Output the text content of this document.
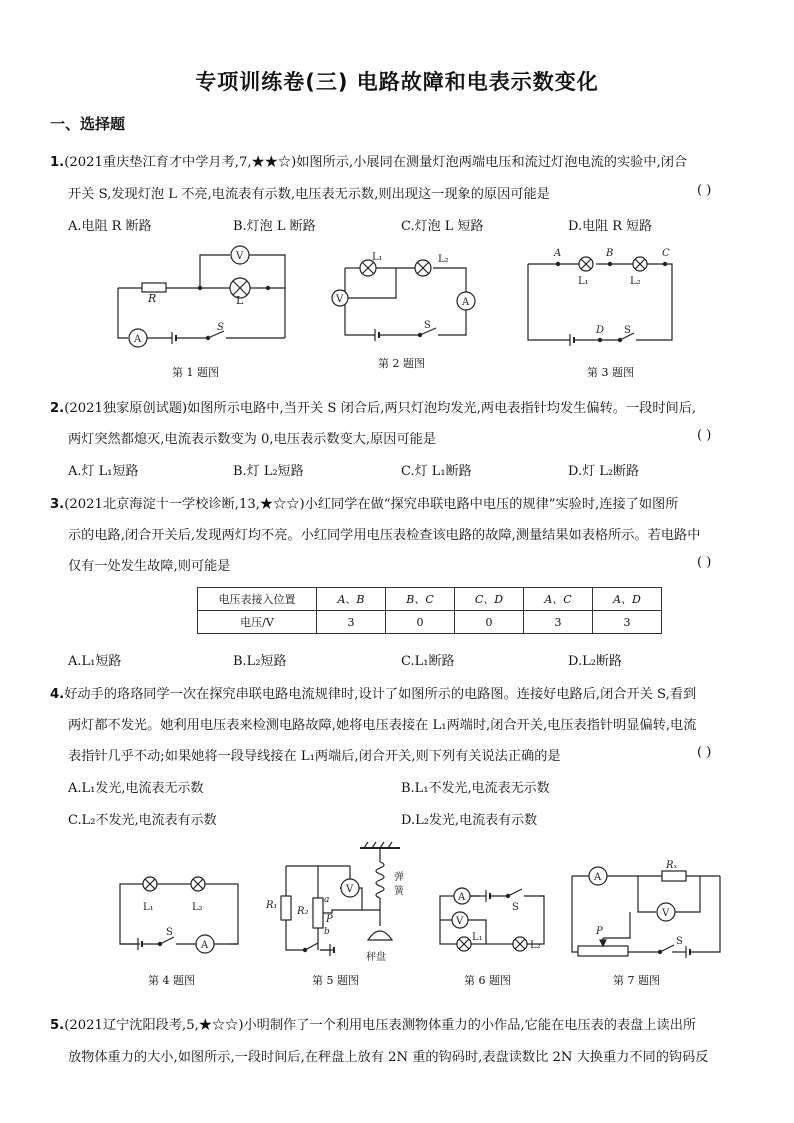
专项训练卷(三) 电路故障和电表示数变化
一、选择题
1.(2021重庆垫江育才中学月考,7,★★☆)如图所示,小展同在测量灯泡两端电压和流过灯泡电流的实验中,闭合
开关 S,发现灯泡 L 不亮,电流表有示数,电压表无示数,则出现这一现象的原因可能是	( )
A.电阻 R 断路	B.灯泡 L 断路	C.灯泡 L 短路	D.电阻 R 短路
A
S
R	L
V
S
A
L₂
L₁
V
D S
L₂
L₁
A	B	C
第 1 题图
第 2 题图
第 3 题图
2.(2021独家原创试题)如图所示电路中,当开关 S 闭合后,两只灯泡均发光,两电表指针均发生偏转。一段时间后,
两灯突然都熄灭,电流表示数变为 0,电压表示数变大,原因可能是	( )
A.灯 L₁短路	B.灯 L₂短路	C.灯 L₁断路	D.灯 L₂断路
3.(2021北京海淀十一学校诊断,13,★☆☆)小红同学在做“探究串联电路中电压的规律”实验时,连接了如图所
示的电路,闭合开关后,发现两灯均不亮。小红同学用电压表检查该电路的故障,测量结果如表格所示。若电路中
仅有一处发生故障,则可能是	( )
电压表接入位置	A、B	B、C	C、D	A、C	A、D
电压/V	3	0	0	3	3
A.L₁短路	B.L₂短路	C.L₁断路	D.L₂断路
4.好动手的珞珞同学一次在探究串联电路电流规律时,设计了如图所示的电路图。连接好电路后,闭合开关 S,看到
两灯都不发光。她利用电压表来检测电路故障,她将电压表接在 L₁两端时,闭合开关,电压表指针明显偏转,电流
表指针几乎不动;如果她将一段导线接在 L₁两端后,闭合开关,则下列有关说法正确的是	( )
A.L₁发光,电流表无示数	B.L₁不发光,电流表无示数
C.L₂不发光,电流表有示数	D.L₂发光,电流表有示数
L₁	L₂
S
A
R₁
R₂
a
b
P
V
弹
簧
秤盘
A
S
V
L₁
L₂
A
Rₓ
S
V
P
第 4 题图	第 5 题图	第 6 题图	第 7 题图
5.(2021辽宁沈阳段考,5,★☆☆)小明制作了一个利用电压表测物体重力的小作品,它能在电压表的表盘上读出所
放物体重力的大小,如图所示,一段时间后,在秤盘上放有 2N 重的钩码时,表盘读数比 2N 大换重力不同的钩码反
